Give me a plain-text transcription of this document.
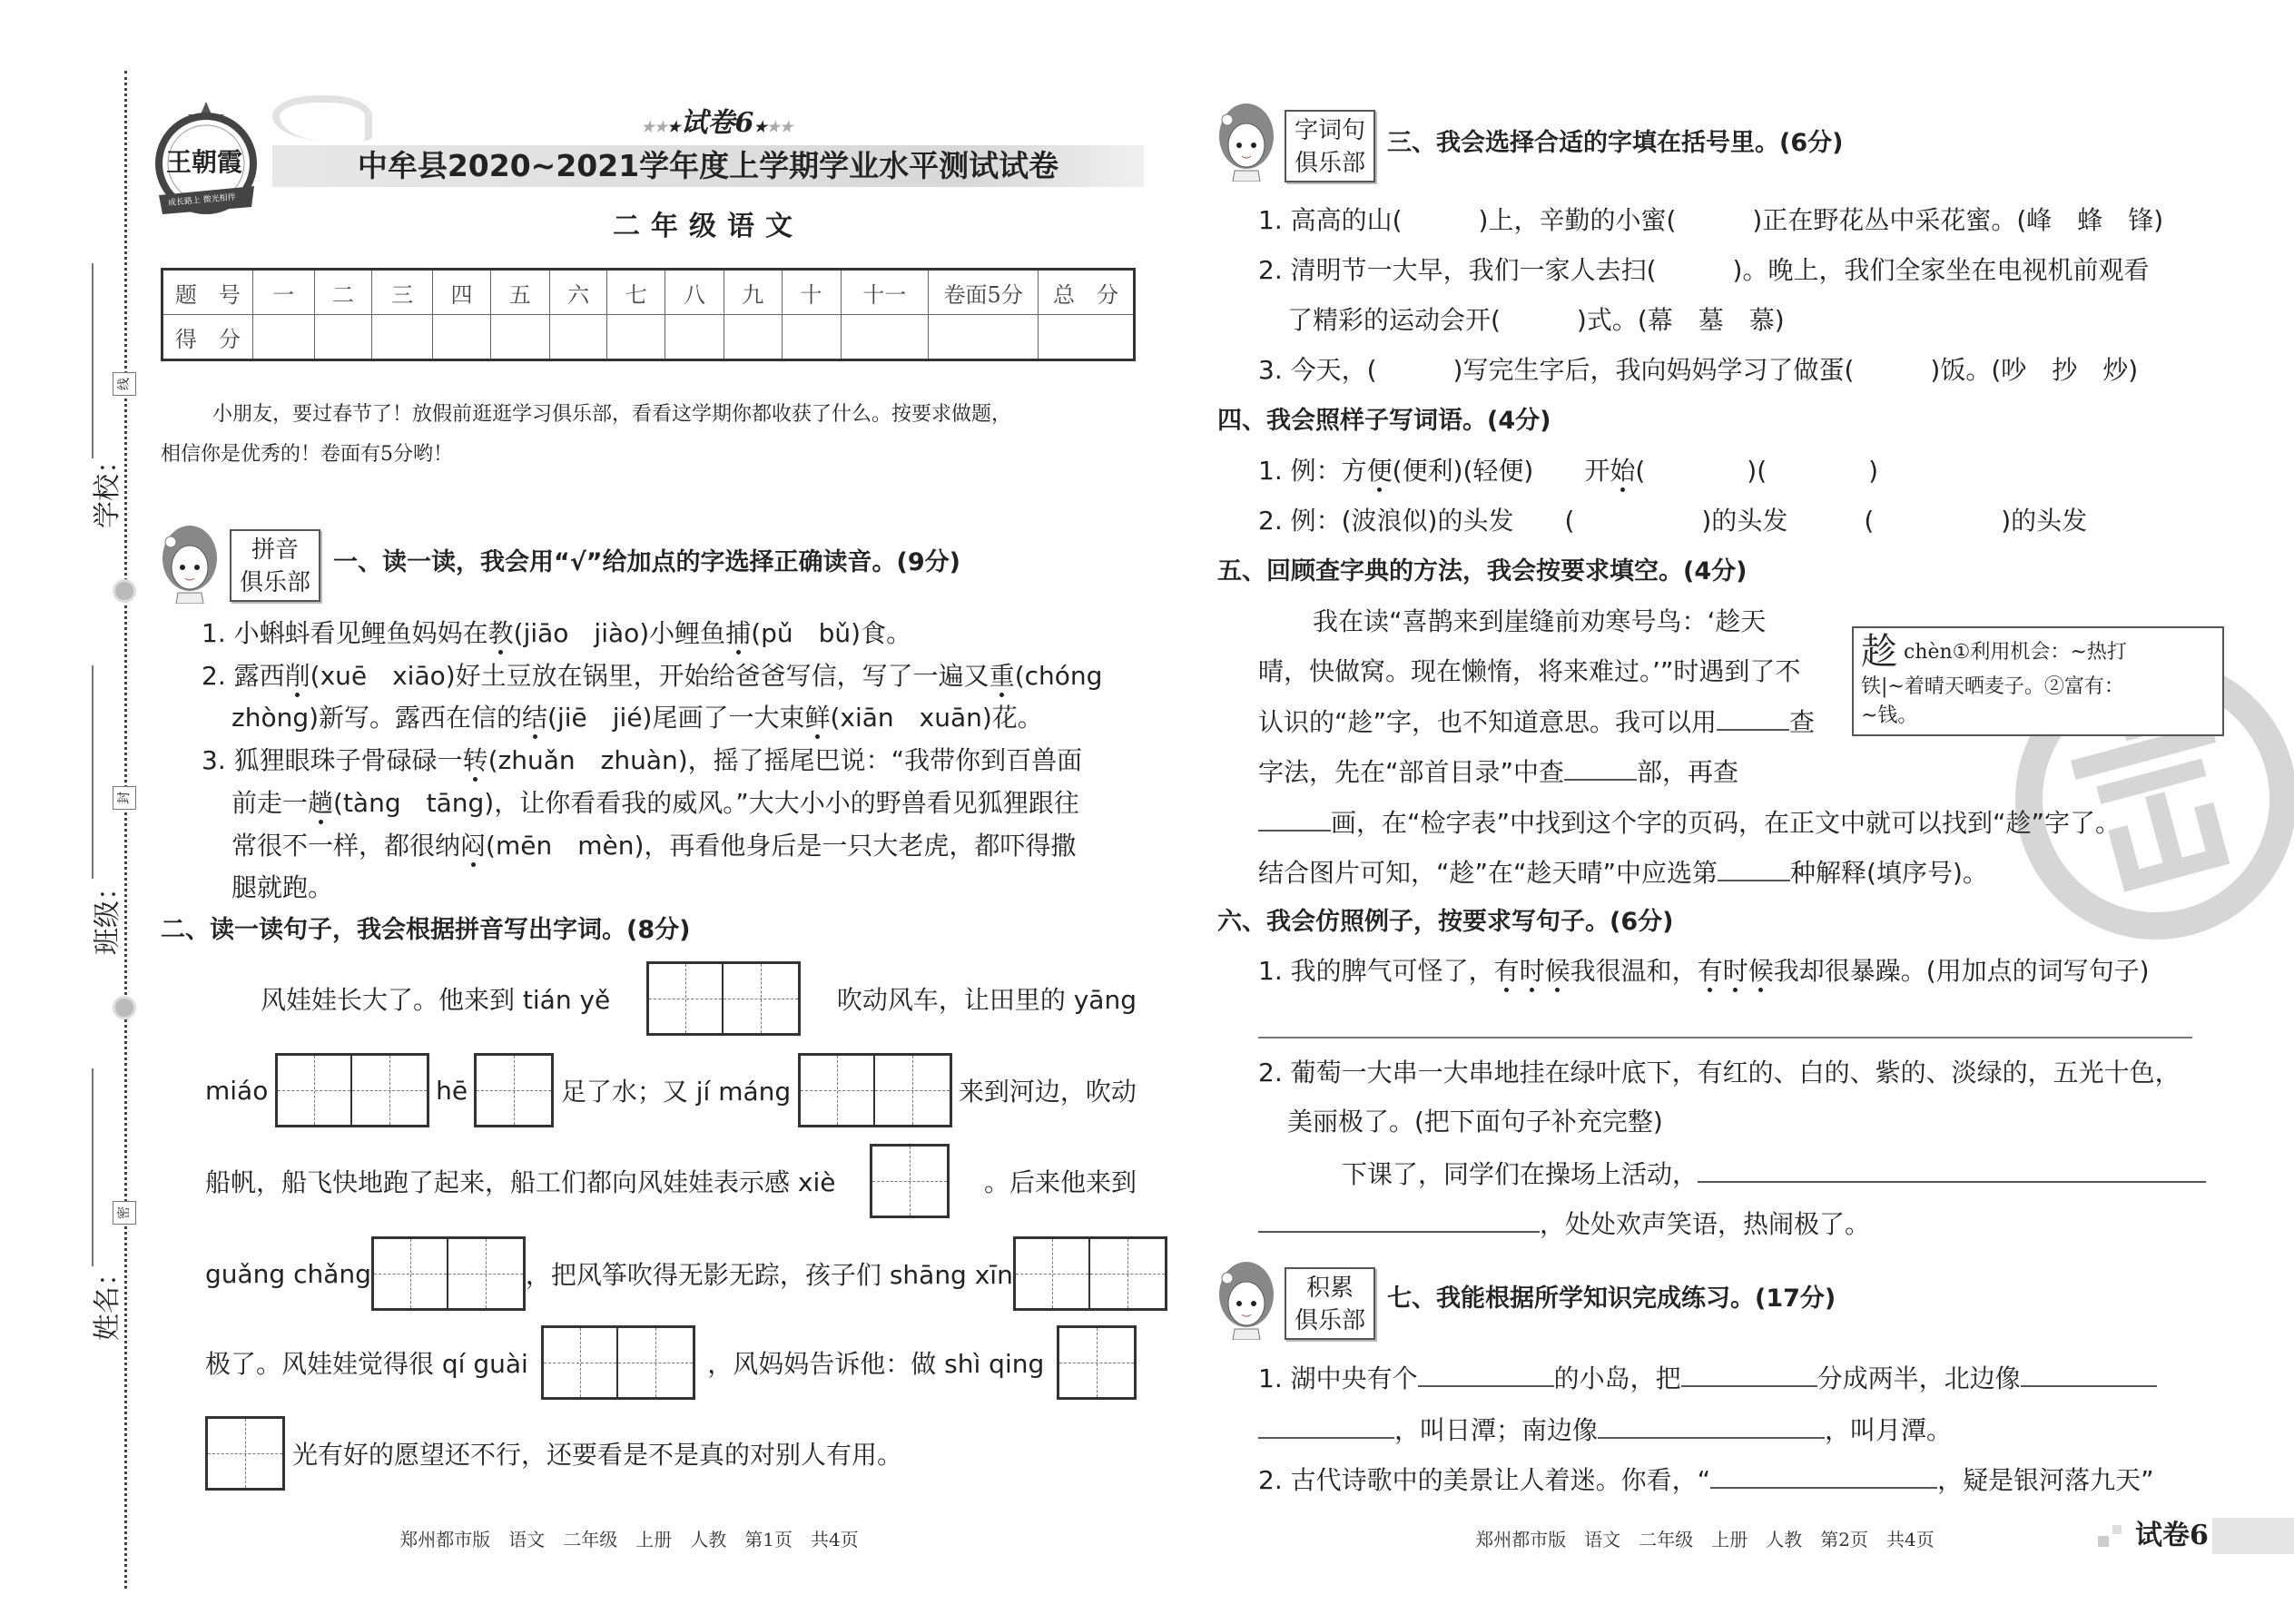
学校：
班级：
姓名：
线
封
密
王朝霞
成长路上 微光相伴
★★★试卷6★★★
中牟县2020~2021学年度上学期学业水平测试试卷
二年级语文
题　号	一	二	三	四	五	六	七	八	九	十	十一	卷面5分	总　分
得　分													
小朋友，要过春节了！放假前逛逛学习俱乐部，看看这学期你都收获了什么。按要求做题，
相信你是优秀的！卷面有5分哟！
拼音
俱乐部
一、读一读，我会用“√”给加点的字选择正确读音。(9分)
1. 小蝌蚪看见鲤鱼妈妈在教(jiāo　jiào)小鲤鱼捕(pǔ　bǔ)食。
2. 露西削(xuē　xiāo)好土豆放在锅里，开始给爸爸写信，写了一遍又重(chóng
zhòng)新写。露西在信的结(jiē　jié)尾画了一大束鲜(xiān　xuān)花。
3. 狐狸眼珠子骨碌碌一转(zhuǎn　zhuàn)，摇了摇尾巴说：“我带你到百兽面
前走一趟(tàng　tāng)，让你看看我的威风。”大大小小的野兽看见狐狸跟往
常很不一样，都很纳闷(mēn　mèn)，再看他身后是一只大老虎，都吓得撒
腿就跑。
二、读一读句子，我会根据拼音写出字词。(8分)
风娃娃长大了。他来到 tián yě	吹动风车，让田里的 yāng
miáo	hē	足了水；又 jí máng	来到河边，吹动
船帆，船飞快地跑了起来，船工们都向风娃娃表示感 xiè	。后来他来到
guǎng chǎng	，把风筝吹得无影无踪，孩子们 shāng xīn
极了。风娃娃觉得很 qí guài	，风妈妈告诉他：做 shì qing
光有好的愿望还不行，还要看是不是真的对别人有用。
郑州都市版　语文　二年级　上册　人教　第1页　共4页
字词句
俱乐部
三、我会选择合适的字填在括号里。(6分)
1. 高高的山(　　　)上，辛勤的小蜜(　　　)正在野花丛中采花蜜。(峰　蜂　锋)
2. 清明节一大早，我们一家人去扫(　　　)。晚上，我们全家坐在电视机前观看
了精彩的运动会开(　　　)式。(幕　墓　慕)
3. 今天，(　　　)写完生字后，我向妈妈学习了做蛋(　　　)饭。(吵　抄　炒)
四、我会照样子写词语。(4分)
1. 例：方便(便利)(轻便)　　开始(　　　　)(　　　　)
2. 例：(波浪似)的头发　　(　　　　　)的头发　　　(　　　　　)的头发
五、回顾查字典的方法，我会按要求填空。(4分)
我在读“喜鹊来到崖缝前劝寒号鸟：‘趁天
晴，快做窝。现在懒惰，将来难过。’”时遇到了不
认识的“趁”字，也不知道意思。我可以用	查
字法，先在“部首目录”中查	部，再查
画，在“检字表”中找到这个字的页码，在正文中就可以找到“趁”字了。
结合图片可知，“趁”在“趁天晴”中应选第	种解释(填序号)。
趁 chèn①利用机会：~热打
铁|~着晴天晒麦子。②富有：
~钱。
六、我会仿照例子，按要求写句子。(6分)
1. 我的脾气可怪了，有时候我很温和，有时候我却很暴躁。(用加点的词写句子)
2. 葡萄一大串一大串地挂在绿叶底下，有红的、白的、紫的、淡绿的，五光十色，
美丽极了。(把下面句子补充完整)
下课了，同学们在操场上活动，
，处处欢声笑语，热闹极了。
积累
俱乐部
七、我能根据所学知识完成练习。(17分)
1. 湖中央有个	的小岛，把	分成两半，北边像
，叫日潭；南边像	，叫月潭。
2. 古代诗歌中的美景让人着迷。你看，“	，疑是银河落九天”
郑州都市版　语文　二年级　上册　人教　第2页　共4页	试卷6
